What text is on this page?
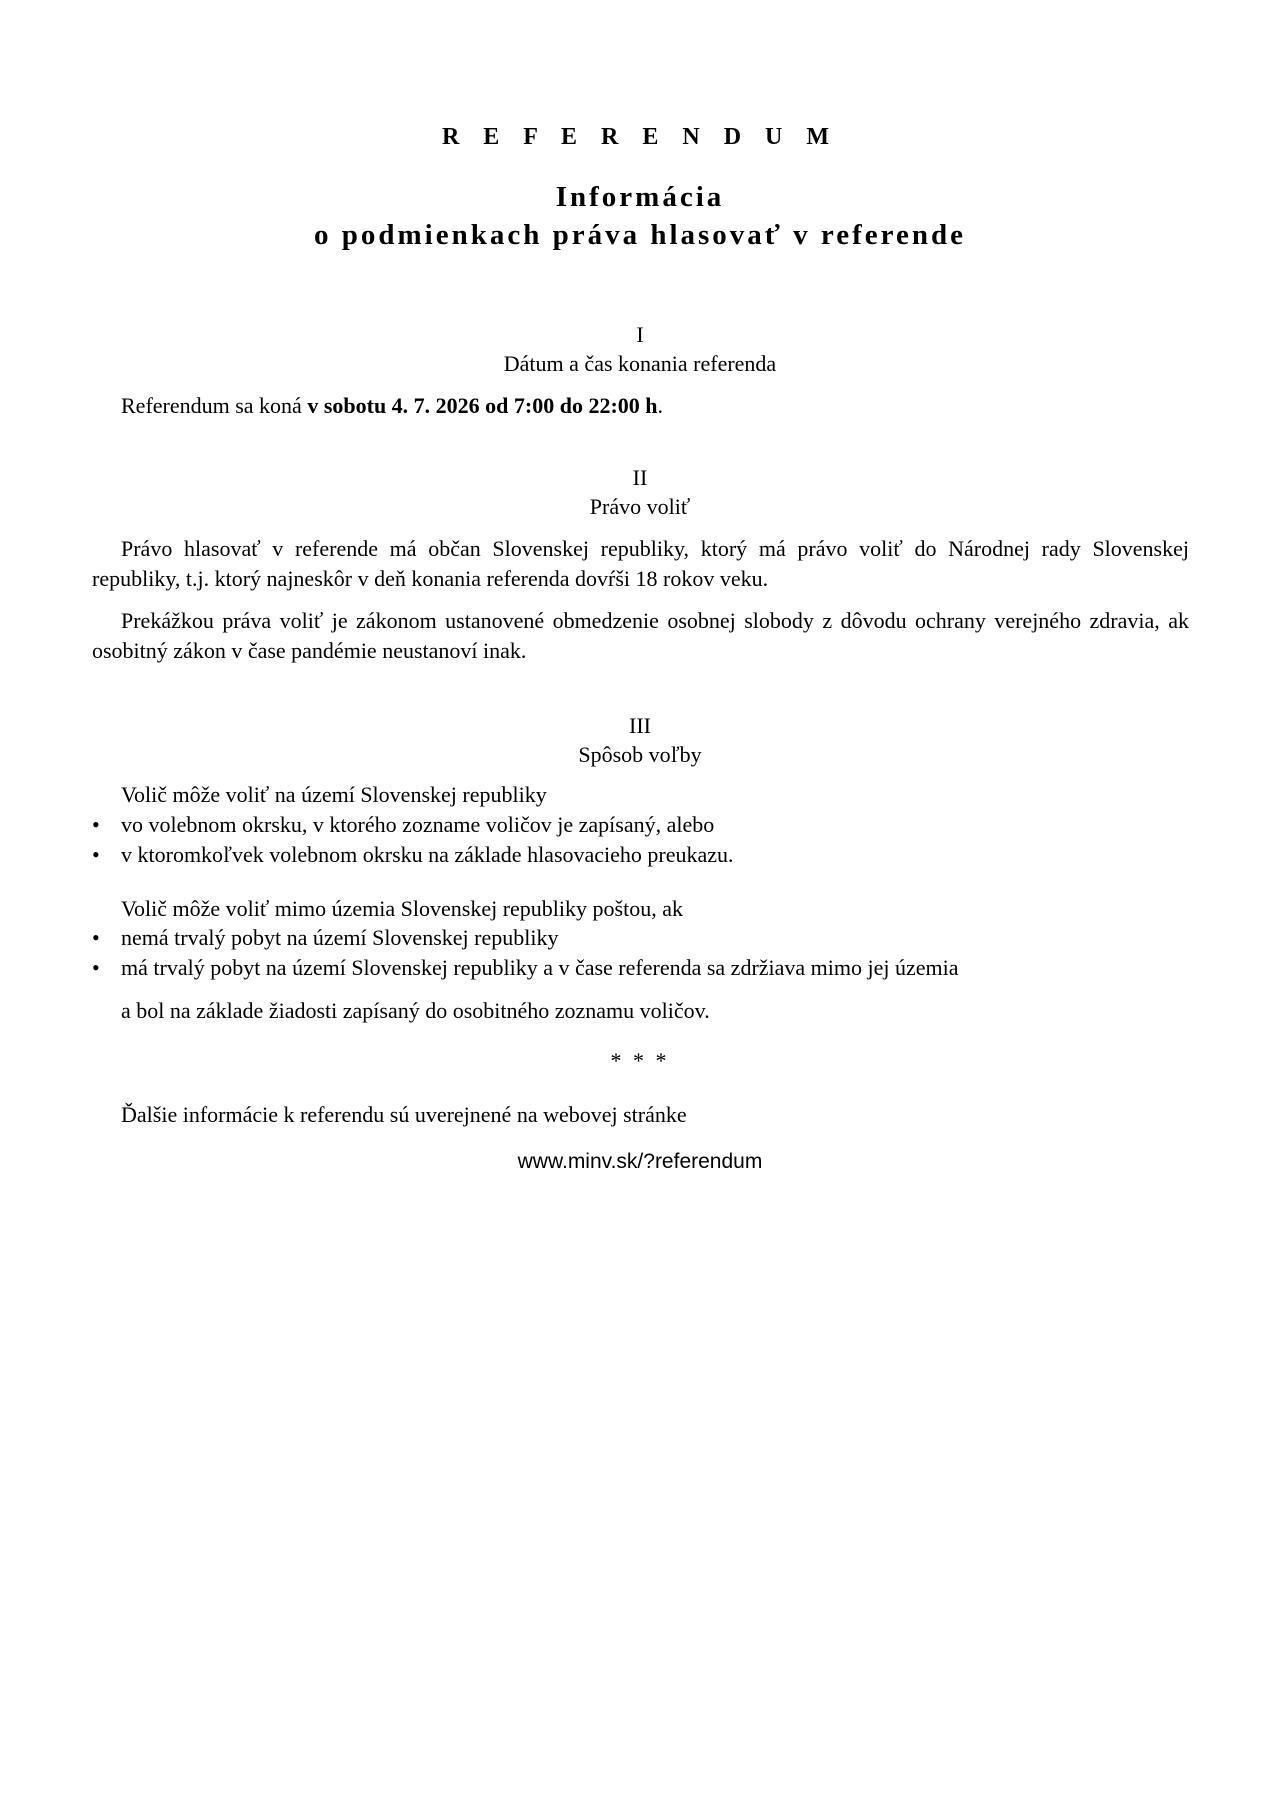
R E F E R E N D U M
Informácia
o podmienkach práva hlasovať v referende
I
Dátum a čas konania referenda
Referendum sa koná v sobotu 4. 7. 2026 od 7:00 do 22:00 h.
II
Právo voliť
Právo hlasovať v referende má občan Slovenskej republiky, ktorý má právo voliť do Národnej rady Slovenskej republiky, t.j. ktorý najneskôr v deň konania referenda dovŕši 18 rokov veku.
Prekážkou práva voliť je zákonom ustanovené obmedzenie osobnej slobody z dôvodu ochrany verejného zdravia, ak osobitný zákon v čase pandémie neustanoví inak.
III
Spôsob voľby
Volič môže voliť na území Slovenskej republiky
• vo volebnom okrsku, v ktorého zozname voličov je zapísaný, alebo
• v ktoromkoľvek volebnom okrsku na základe hlasovacieho preukazu.
Volič môže voliť mimo územia Slovenskej republiky poštou, ak
• nemá trvalý pobyt na území Slovenskej republiky
• má trvalý pobyt na území Slovenskej republiky a v čase referenda sa zdržiava mimo jej územia
a bol na základe žiadosti zapísaný do osobitného zoznamu voličov.
* * *
Ďalšie informácie k referendu sú uverejnené na webovej stránke
www.minv.sk/?referendum
